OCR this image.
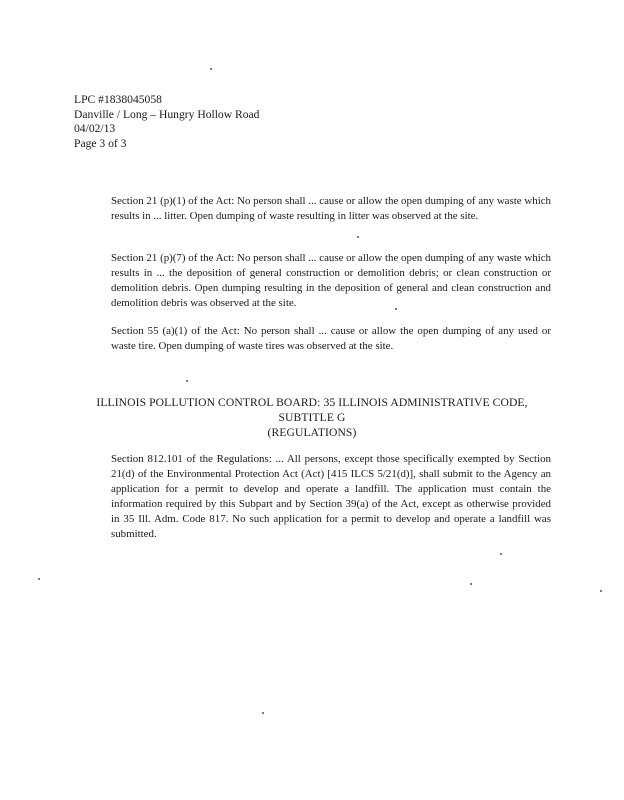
LPC #1838045058
Danville / Long – Hungry Hollow Road
04/02/13
Page 3 of 3
Section 21 (p)(1) of the Act: No person shall ... cause or allow the open dumping of any waste which results in ... litter. Open dumping of waste resulting in litter was observed at the site.
Section 21 (p)(7) of the Act: No person shall ... cause or allow the open dumping of any waste which results in ... the deposition of general construction or demolition debris; or clean construction or demolition debris. Open dumping resulting in the deposition of general and clean construction and demolition debris was observed at the site.
Section 55 (a)(1) of the Act: No person shall ... cause or allow the open dumping of any used or waste tire. Open dumping of waste tires was observed at the site.
ILLINOIS POLLUTION CONTROL BOARD: 35 ILLINOIS ADMINISTRATIVE CODE,
SUBTITLE G
(REGULATIONS)
Section 812.101 of the Regulations: ... All persons, except those specifically exempted by Section 21(d) of the Environmental Protection Act (Act) [415 ILCS 5/21(d)], shall submit to the Agency an application for a permit to develop and operate a landfill. The application must contain the information required by this Subpart and by Section 39(a) of the Act, except as otherwise provided in 35 Ill. Adm. Code 817. No such application for a permit to develop and operate a landfill was submitted.
